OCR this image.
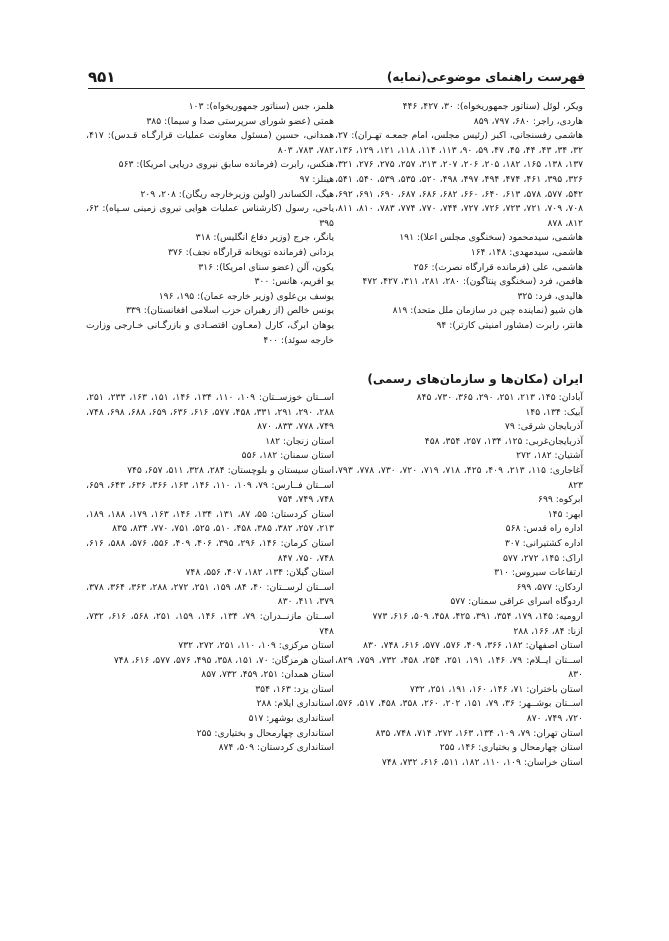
فهرست راهنمای موضوعی(نمایه)
۹۵۱

ویکر، لوئل (سناتور جمهوریخواه): ۳۰، ۴۲۷، ۴۴۶

هاردی، راجر: ۶۸۰، ۷۹۷، ۸۵۹

هاشمی رفسنجانی، اکبر (رئیس مجلس، امام جمعـه تهـران): ۲۷، ۳۲، ۳۴، ۴۳، ۴۴، ۴۵، ۴۷، ۵۹، ۹۰، ۱۱۳، ۱۱۴، ۱۱۸، ۱۲۱، ۱۲۹، ۱۳۶، ۱۳۷، ۱۳۸، ۱۶۵، ۱۸۲، ۲۰۵، ۲۰۶، ۲۰۷، ۲۱۳، ۲۵۷، ۲۷۵، ۲۷۶، ۳۲۱، ۳۲۶، ۳۹۵، ۴۶۱، ۴۷۴، ۴۹۴، ۴۹۷، ۴۹۸، ۵۲۰، ۵۳۵، ۵۳۹، ۵۴۰، ۵۴۱، ۵۴۲، ۵۷۷، ۵۷۸، ۶۱۳، ۶۴۰، ۶۶۰، ۶۸۲، ۶۸۶، ۶۸۷، ۶۹۰، ۶۹۱، ۶۹۲، ۷۰۸، ۷۰۹، ۷۲۱، ۷۲۳، ۷۲۶، ۷۲۷، ۷۴۴، ۷۷۰، ۷۷۴، ۷۸۳، ۸۱۰، ۸۱۱، ۸۱۲، ۸۷۸

هاشمی، سیدمحمود (سخنگوی مجلس اعلا): ۱۹۱

هاشمی، سیدمهدی: ۱۴۸، ۱۶۴

هاشمی، علی (فرمانده قرارگاه نصرت): ۲۵۶

هافمن، فرد (سخنگوی پنتاگون): ۲۸۰، ۲۸۱، ۳۱۱، ۴۲۷، ۴۷۲

هالیدی، فرد: ۳۲۵

هان شیو (نماینده چین در سازمان ملل متحد): ۸۱۹

هانتر، رابرت (مشاور امنیتی کارتر): ۹۴

هلمز، جس (سناتور جمهوریخواه): ۱۰۳

همتی (عضو شورای سرپرستی صدا و سیما): ۳۸۵

همدانی، حسین (مسئول معاونت عملیات قرارگـاه قـدس): ۴۱۷، ۷۸۲، ۷۸۳، ۸۰۳

هنکس، رابرت (فرمانده سابق نیروی دریایی امریکا): ۵۶۳

هینلز: ۹۷

هیگ، الکساندر (اولین وزیرخارجه ریگان): ۲۰۸، ۲۰۹

یاحی، رسول (کارشناس عملیات هوایی نیروی زمینی سـپاه): ۶۲، ۳۹۵

یانگر، جرج (وزیر دفاع انگلیس): ۳۱۸

یزدانی (فرمانده توپخانه قرارگاه نجف): ۳۷۶

یکون، آلن (عضو سنای امریکا): ۳۱۶

یو افریم، هانس: ۳۰۰

یوسف بن‌علوی (وزیر خارجه عمان): ۱۹۵، ۱۹۶

یونس خالص (از رهبران حزب اسلامی افغانستان): ۳۳۹

یوهان ابرگ، کارل (معـاون اقتصـادی و بازرگـانی خـارجی وزارت خارجه سوئد): ۴۰۰

ایران (مکان‌ها و سازمان‌های رسمی)

آبادان: ۱۴۵، ۲۱۳، ۲۵۱، ۲۹۰، ۳۶۵، ۷۳۰، ۸۴۵

آبیک: ۱۳۴، ۱۴۵

آذربایجان شرقی: ۷۹

آذربایجان‌غربی: ۱۲۵، ۱۳۴، ۲۵۷، ۳۵۴، ۴۵۸

آشتیان: ۱۸۲، ۲۷۲

آغاجاری: ۱۱۵، ۲۱۳، ۴۰۹، ۴۲۵، ۷۱۸، ۷۱۹، ۷۲۰، ۷۳۰، ۷۷۸، ۷۹۳، ۸۲۳

ابرکوه: ۶۹۹

ابهر: ۱۴۵

اداره راه قدس: ۵۶۸

اداره کشتیرانی: ۳۰۷

اراک: ۱۴۵، ۲۷۲، ۵۷۷

ارتفاعات سیروس: ۳۱۰

اردکان: ۵۷۷، ۶۹۹

اردوگاه اسرای عراقی سمنان: ۵۷۷

ارومیه: ۱۴۵، ۱۷۹، ۳۵۴، ۳۹۱، ۴۲۵، ۴۵۸، ۵۰۹، ۶۱۶، ۷۷۳

ازنا: ۸۴، ۱۶۶، ۲۸۸

استان اصفهان: ۱۸۲، ۳۶۶، ۴۰۹، ۵۷۶، ۵۷۷، ۶۱۶، ۷۴۸، ۸۳۰

اســتان ایــلام: ۷۹، ۱۴۶، ۱۹۱، ۲۵۱، ۲۵۴، ۴۵۸، ۷۳۲، ۷۵۹، ۸۲۹، ۸۳۰

استان باختران: ۷۱، ۱۴۶، ۱۶۰، ۱۹۱، ۲۵۱، ۷۳۲

اســتان بوشــهر: ۳۶، ۷۹، ۱۵۱، ۲۰۲، ۲۶۰، ۳۵۸، ۴۵۸، ۵۱۷، ۵۷۶، ۷۲۰، ۷۴۹، ۸۷۰

استان تهران: ۷۹، ۱۰۹، ۱۳۴، ۱۶۳، ۲۷۲، ۷۱۴، ۷۴۸، ۸۳۵

استان چهارمحال و بختیاری: ۱۴۶، ۲۵۵

استان خراسان: ۱۰۹، ۱۱۰، ۱۸۲، ۵۱۱، ۶۱۶، ۷۳۲، ۷۴۸

اســتان خوزســتان: ۱۰۹، ۱۱۰، ۱۳۴، ۱۴۶، ۱۵۱، ۱۶۳، ۲۳۳، ۲۵۱، ۲۸۸، ۲۹۰، ۲۹۱، ۳۳۱، ۴۵۸، ۵۷۷، ۶۱۶، ۶۳۶، ۶۵۹، ۶۸۸، ۶۹۸، ۷۴۸، ۷۴۹، ۷۷۸، ۸۳۳، ۸۷۰

استان زنجان: ۱۸۲

استان سمنان: ۱۸۲، ۵۵۶

استان سیستان و بلوچستان: ۲۸۴، ۳۲۸، ۵۱۱، ۶۵۷، ۷۴۵

اســتان فــارس: ۷۹، ۱۰۹، ۱۱۰، ۱۴۶، ۱۶۳، ۳۶۶، ۶۳۶، ۶۴۳، ۶۵۹، ۷۴۸، ۷۴۹، ۷۵۴

استان کردستان: ۵۵، ۸۷، ۱۳۱، ۱۳۴، ۱۴۶، ۱۶۳، ۱۷۹، ۱۸۸، ۱۸۹، ۲۱۳، ۲۵۷، ۳۸۲، ۳۸۵، ۴۵۸، ۵۱۰، ۵۲۵، ۷۵۱، ۷۷۰، ۸۳۴، ۸۳۵

استان کرمان: ۱۴۶، ۲۹۶، ۳۹۵، ۴۰۶، ۴۰۹، ۵۵۶، ۵۷۶، ۵۸۸، ۶۱۶، ۷۴۸، ۷۵۰، ۸۴۷

استان گیلان: ۱۳۴، ۱۸۲، ۴۰۷، ۵۵۶، ۷۴۸

اســتان لرســتان: ۴۰، ۸۴، ۱۵۹، ۲۵۱، ۲۷۲، ۲۸۸، ۳۶۳، ۳۶۴، ۳۷۸، ۳۷۹، ۴۱۱، ۸۳۰

اســتان مازنــدران: ۷۹، ۱۳۴، ۱۴۶، ۱۵۹، ۲۵۱، ۵۶۸، ۶۱۶، ۷۳۲، ۷۴۸

استان مرکزی: ۱۰۹، ۱۱۰، ۲۵۱، ۲۷۲، ۷۳۲

استان هرمزگان: ۷۰، ۱۵۱، ۳۵۸، ۴۹۵، ۵۷۶، ۵۷۷، ۶۱۶، ۷۴۸

استان همدان: ۲۵۱، ۴۵۹، ۷۳۲، ۸۵۷

استان یزد: ۱۶۳، ۳۵۴

استانداری ایلام: ۲۸۸

استانداری بوشهر: ۵۱۷

استانداری چهارمحال و بختیاری: ۲۵۵

استانداری کردستان: ۵۰۹، ۸۷۴
